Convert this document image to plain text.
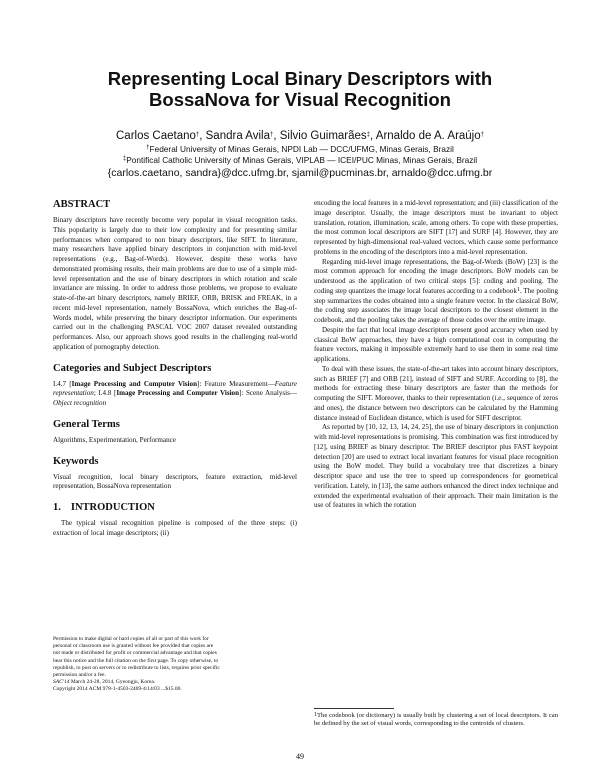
Representing Local Binary Descriptors with
BossaNova for Visual Recognition
Carlos Caetano†, Sandra Avila†, Silvio Guimarães‡, Arnaldo de A. Araújo†
†Federal University of Minas Gerais, NPDI Lab — DCC/UFMG, Minas Gerais, Brazil
‡Pontifical Catholic University of Minas Gerais, VIPLAB — ICEI/PUC Minas, Minas Gerais, Brazil
{carlos.caetano, sandra}@dcc.ufmg.br, sjamil@pucminas.br, arnaldo@dcc.ufmg.br
ABSTRACT

Binary descriptors have recently become very popular in visual recognition tasks. This popularity is largely due to their low complexity and for presenting similar performances when compared to non binary descriptors, like SIFT. In literature, many researchers have applied binary descriptors in conjunction with mid-level representations (e.g., Bag-of-Words). However, despite these works have demonstrated promising results, their main problems are due to use of a simple mid-level representation and the use of binary descriptors in which rotation and scale invariance are missing. In order to address those problems, we propose to evaluate state-of-the-art binary descriptors, namely BRIEF, ORB, BRISK and FREAK, in a recent mid-level representation, namely BossaNova, which enriches the Bag-of-Words model, while preserving the binary descriptor information. Our experiments carried out in the challenging PASCAL VOC 2007 dataset revealed outstanding performances. Also, our approach shows good results in the challenging real-world application of pornography detection.

Categories and Subject Descriptors

I.4.7 [Image Processing and Computer Vision]: Feature Measurement—Feature representation; I.4.8 [Image Processing and Computer Vision]: Scene Analysis—Object recognition

General Terms

Algorithms, Experimentation, Performance

Keywords

Visual recognition, local binary descriptors, feature extraction, mid-level representation, BossaNova representation

1. INTRODUCTION

The typical visual recognition pipeline is composed of the three steps: (i) extraction of local image descriptors; (ii)

Permission to make digital or hard copies of all or part of this work for
personal or classroom use is granted without fee provided that copies are
not made or distributed for profit or commercial advantage and that copies
bear this notice and the full citation on the first page. To copy otherwise, to
republish, to post on servers or to redistribute to lists, requires prior specific
permission and/or a fee.
SAC'14 March 24-28, 2014, Gyeongju, Korea.
Copyright 2014 ACM 978-1-4503-2469-4/14/03 ...$15.00.

encoding the local features in a mid-level representation; and (iii) classification of the image descriptor. Usually, the image descriptors must be invariant to object translation, rotation, illumination, scale, among others. To cope with these properties, the most common local descriptors are SIFT [17] and SURF [4]. However, they are represented by high-dimensional real-valued vectors, which cause some performance problems in the encoding of the descriptors into a mid-level representation.

Regarding mid-level image representations, the Bag-of-Words (BoW) [23] is the most common approach for encoding the image descriptors. BoW models can be understood as the application of two critical steps [5]: coding and pooling. The coding step quantizes the image local features according to a codebook$^1$. The pooling step summarizes the codes obtained into a single feature vector. In the classical BoW, the coding step associates the image local descriptors to the closest element in the codebook, and the pooling takes the average of those codes over the entire image.

Despite the fact that local image descriptors present good accuracy when used by classical BoW approaches, they have a high computational cost in computing the feature vectors, making it impossible extremely hard to use them in some real time applications.

To deal with these issues, the state-of-the-art takes into account binary descriptors, such as BRIEF [7] and ORB [21], instead of SIFT and SURF. According to [8], the methods for extracting these binary descriptors are faster than the methods for computing the SIFT. Moreover, thanks to their representation (i.e., sequence of zeros and ones), the distance between two descriptors can be calculated by the Hamming distance instead of Euclidean distance, which is used for SIFT descriptor.

As reported by [10, 12, 13, 14, 24, 25], the use of binary descriptors in conjunction with mid-level representations is promising. This combination was first introduced by [12], using BRIEF as binary descriptor. The BRIEF descriptor plus FAST keypoint detection [20] are used to extract local invariant features for visual place recognition using the BoW model. They build a vocabulary tree that discretizes a binary descriptor space and use the tree to speed up correspondences for geometrical verification. Lately, in [13], the same authors enhanced the direct index technique and extended the experimental evaluation of their approach. Their main limitation is the use of features in which the rotation

$^1$The codebook (or dictionary) is usually built by clustering a set of local descriptors. It can be defined by the set of visual words, corresponding to the centroids of clusters.
49
